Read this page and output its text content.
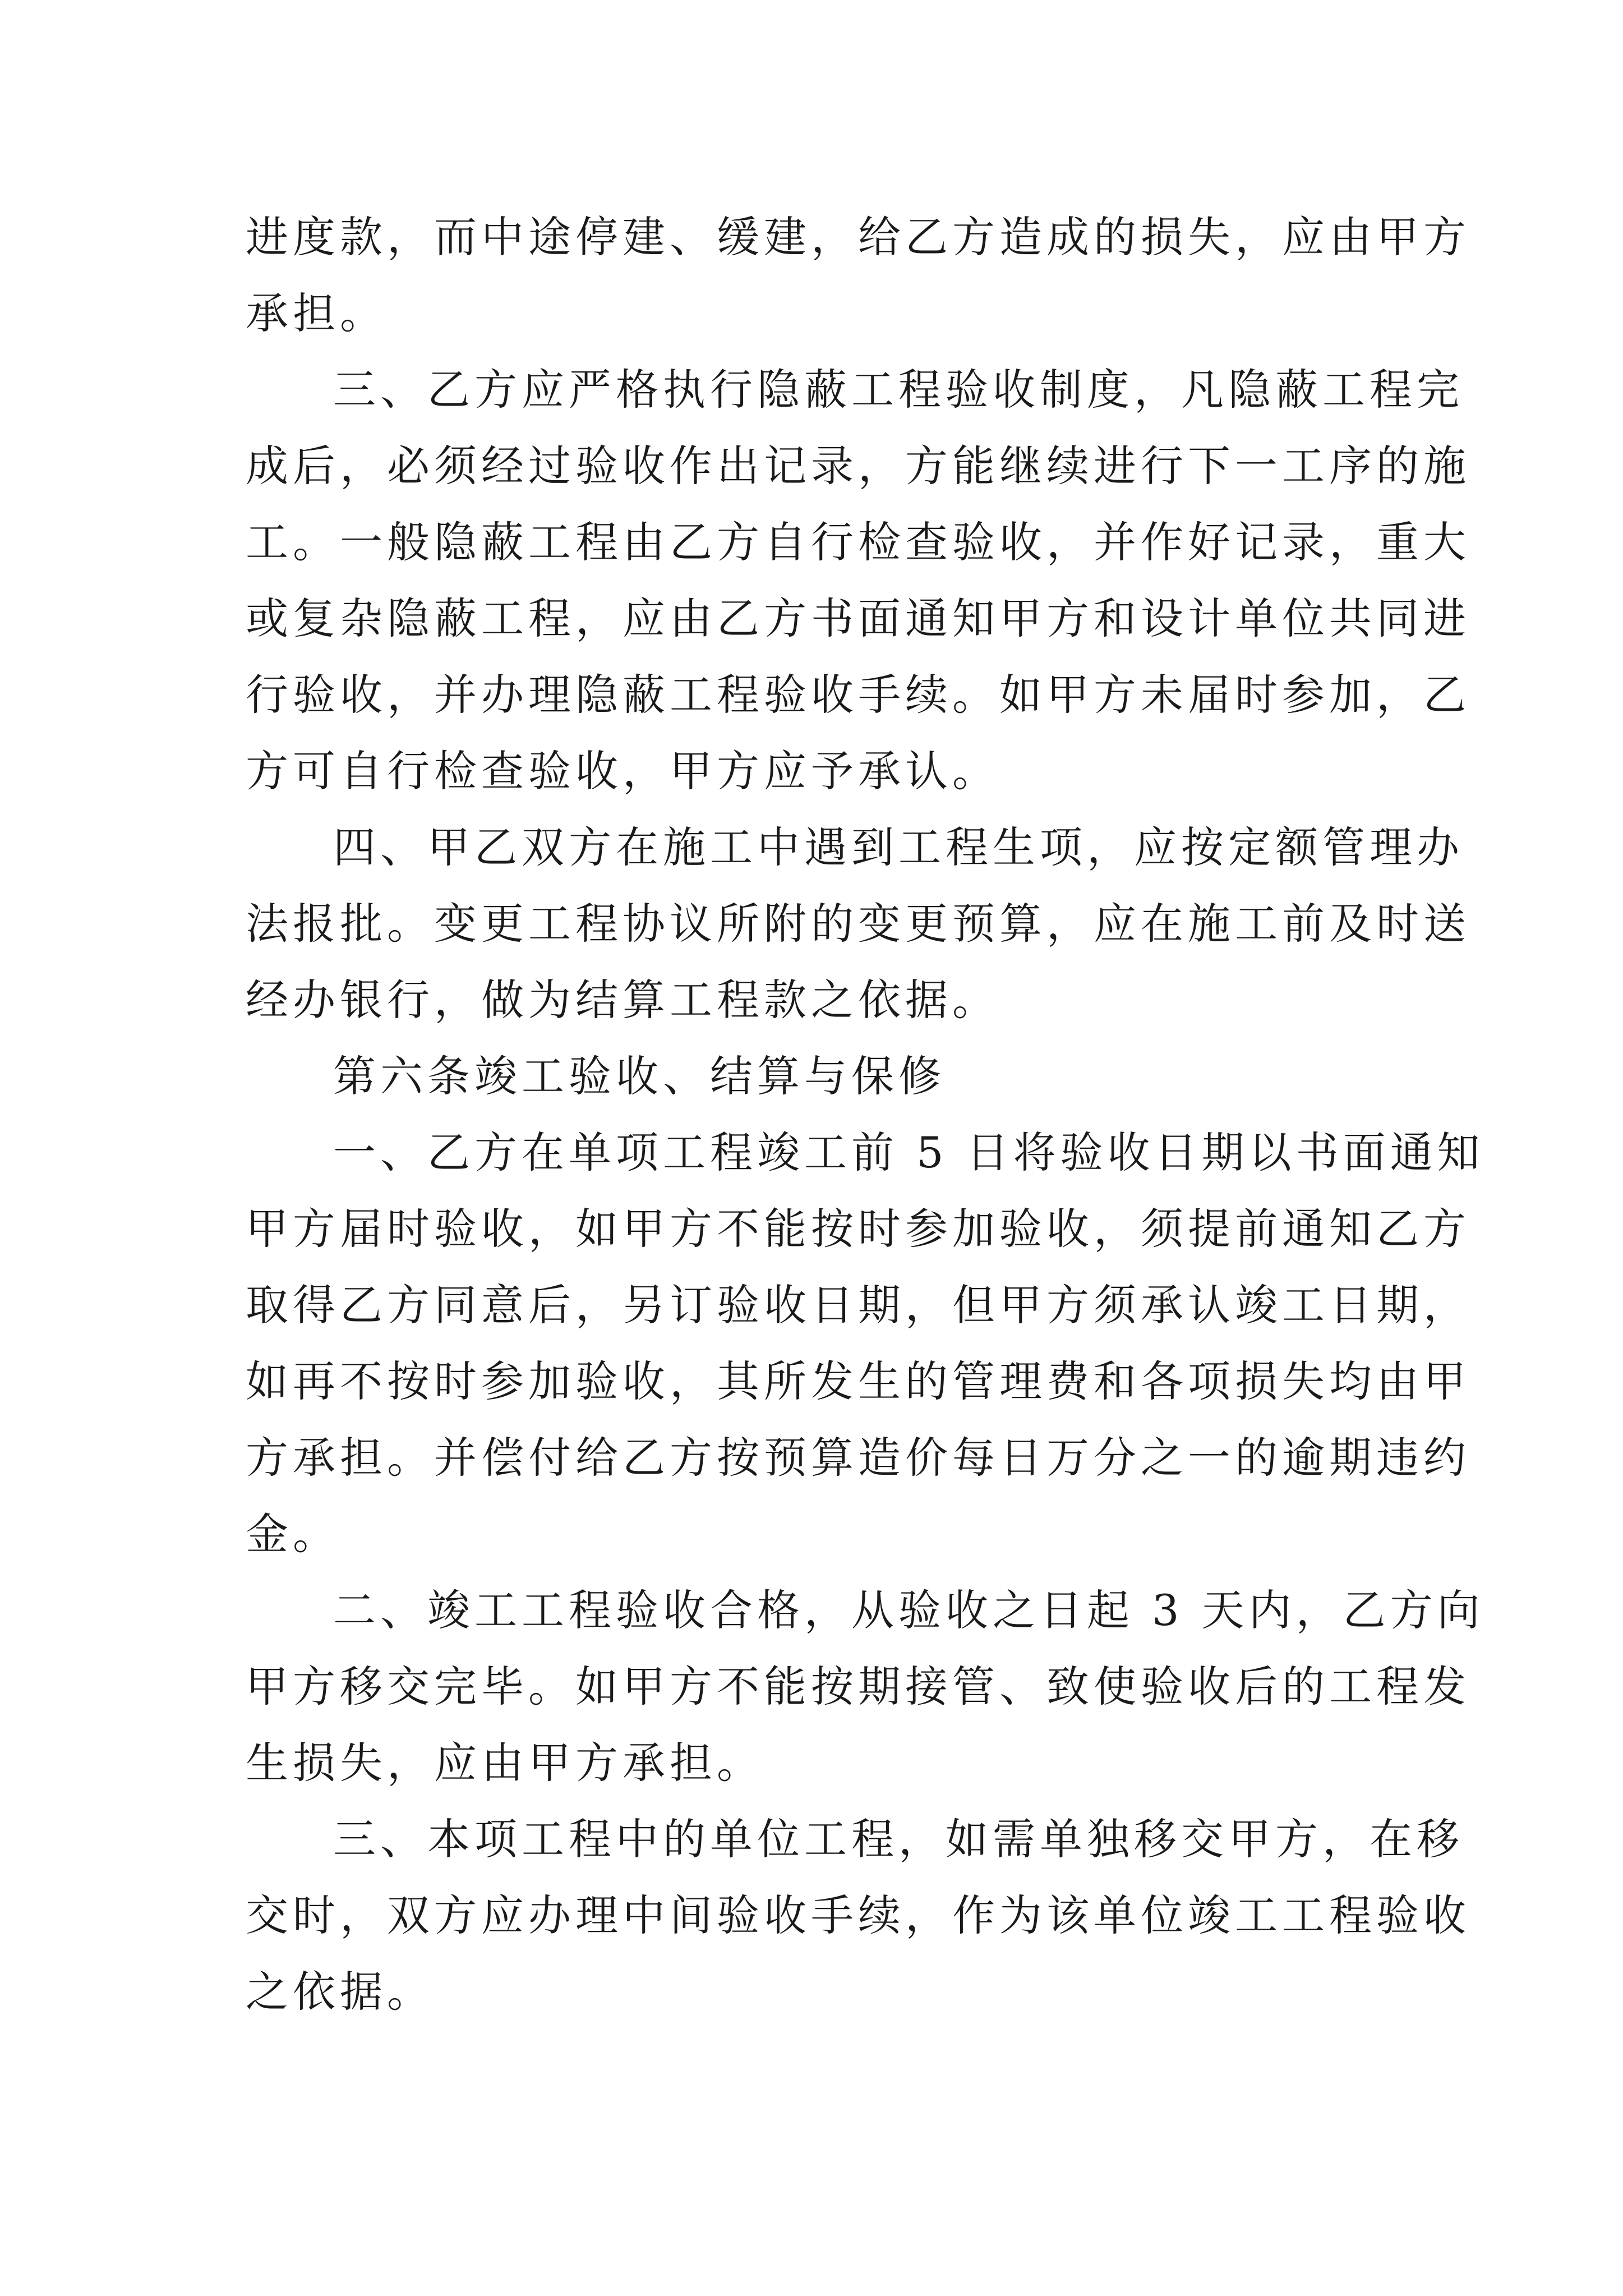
进度款，而中途停建、缓建，给乙方造成的损失，应由甲方
承担。
三、乙方应严格执行隐蔽工程验收制度，凡隐蔽工程完
成后，必须经过验收作出记录，方能继续进行下一工序的施
工。一般隐蔽工程由乙方自行检查验收，并作好记录，重大
或复杂隐蔽工程，应由乙方书面通知甲方和设计单位共同进
行验收，并办理隐蔽工程验收手续。如甲方未届时参加，乙
方可自行检查验收，甲方应予承认。
四、甲乙双方在施工中遇到工程生项，应按定额管理办
法报批。变更工程协议所附的变更预算，应在施工前及时送
经办银行，做为结算工程款之依据。
第六条竣工验收、结算与保修
一、乙方在单项工程竣工前 5 日将验收日期以书面通知
甲方届时验收，如甲方不能按时参加验收，须提前通知乙方
取得乙方同意后，另订验收日期，但甲方须承认竣工日期，
如再不按时参加验收，其所发生的管理费和各项损失均由甲
方承担。并偿付给乙方按预算造价每日万分之一的逾期违约
金。
二、竣工工程验收合格，从验收之日起 3 天内，乙方向
甲方移交完毕。如甲方不能按期接管、致使验收后的工程发
生损失，应由甲方承担。
三、本项工程中的单位工程，如需单独移交甲方，在移
交时，双方应办理中间验收手续，作为该单位竣工工程验收
之依据。
